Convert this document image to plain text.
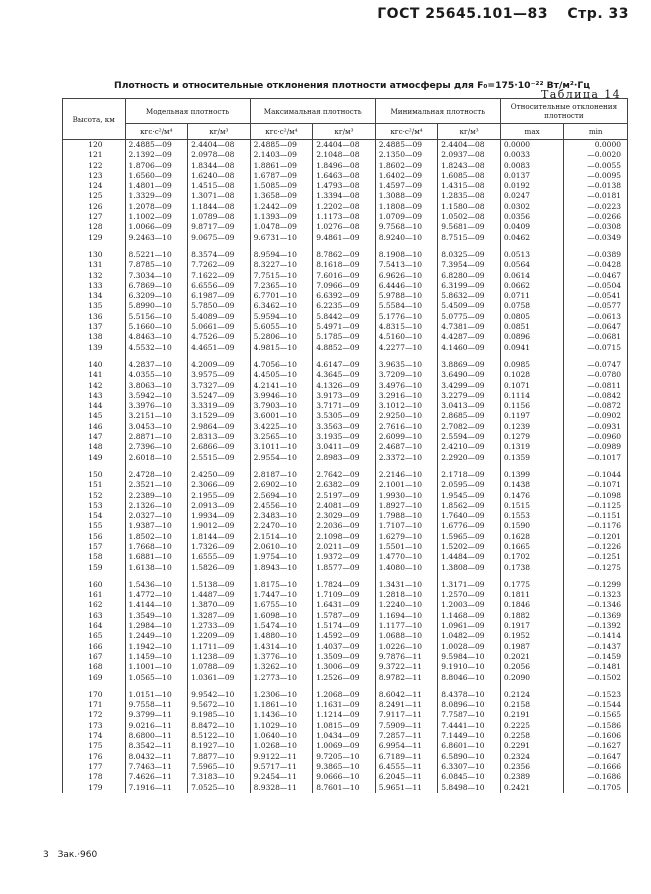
ГОСТ 25645.101—83 Стр. 33
Таблица 14
Плотность и относительные отклонения плотности атмосферы для F₀=175·10⁻²² Вт/м²·Гц
Высота, км	Модельная плотность		Максимальная плотность		Минимальная плотность		Относительные отклонения плотности	
	кгс·с²/м⁴	кг/м³	кгс·с²/м⁴	кг/м³	кгс·с²/м⁴	кг/м³	max	min
120	2.4885—09	2.4404—08	2.4885—09	2.4404—08	2.4885—09	2.4404—08	0.0000	0.0000
121	2.1392—09	2.0978—08	2.1403—09	2.1048—08	2.1350—09	2.0937—08	0.0033	—0.0020
122	1.8706—09	1.8344—08	1.8861—09	1.8496—08	1.8602—09	1.8243—08	0.0083	—0.0055
123	1.6560—09	1.6240—08	1.6787—09	1.6463—08	1.6402—09	1.6085—08	0.0137	—0.0095
124	1.4801—09	1.4515—08	1.5085—09	1.4793—08	1.4597—09	1.4315—08	0.0192	—0.0138
125	1.3329—09	1.3071—08	1.3658—09	1.3394—08	1.3088—09	1.2835—08	0.0247	—0.0181
126	1.2078—09	1.1844—08	1.2442—09	1.2202—08	1.1808—09	1.1580—08	0.0302	—0.0223
127	1.1002—09	1.0789—08	1.1393—09	1.1173—08	1.0709—09	1.0502—08	0.0356	—0.0266
128	1.0066—09	9.8717—09	1.0478—09	1.0276—08	9.7568—10	9.5681—09	0.0409	—0.0308
129	9.2463—10	9.0675—09	9.6731—10	9.4861—09	8.9240—10	8.7515—09	0.0462	—0.0349

130	8.5221—10	8.3574—09	8.9594—10	8.7862—09	8.1908—10	8.0325—09	0.0513	—0.0389
131	7.8785—10	7.7262—09	8.3227—10	8.1618—09	7.5413—10	7.3954—09	0.0564	—0.0428
132	7.3034—10	7.1622—09	7.7515—10	7.6016—09	6.9626—10	6.8280—09	0.0614	—0.0467
133	6.7869—10	6.6556—09	7.2365—10	7.0966—09	6.4446—10	6.3199—09	0.0662	—0.0504
134	6.3209—10	6.1987—09	6.7701—10	6.6392—09	5.9788—10	5.8632—09	0.0711	—0.0541
135	5.8990—10	5.7850—09	6.3462—10	6.2235—09	5.5584—10	5.4509—09	0.0758	—0.0577
136	5.5156—10	5.4089—09	5.9594—10	5.8442—09	5.1776—10	5.0775—09	0.0805	—0.0613
137	5.1660—10	5.0661—09	5.6055—10	5.4971—09	4.8315—10	4.7381—09	0.0851	—0.0647
138	4.8463—10	4.7526—09	5.2806—10	5.1785—09	4.5160—10	4.4287—09	0.0896	—0.0681
139	4.5532—10	4.4651—09	4.9815—10	4.8852—09	4.2277—10	4.1460—09	0.0941	—0.0715

140	4.2837—10	4.2009—09	4.7056—10	4.6147—09	3.9635—10	3.8869—09	0.0985	—0.0747
141	4.0355—10	3.9575—09	4.4505—10	4.3645—09	3.7209—10	3.6490—09	0.1028	—0.0780
142	3.8063—10	3.7327—09	4.2141—10	4.1326—09	3.4976—10	3.4299—09	0.1071	—0.0811
143	3.5942—10	3.5247—09	3.9946—10	3.9173—09	3.2916—10	3.2279—09	0.1114	—0.0842
144	3.3976—10	3.3319—09	3.7903—10	3.7171—09	3.1012—10	3.0413—09	0.1156	—0.0872
145	3.2151—10	3.1529—09	3.6001—10	3.5305—09	2.9250—10	2.8685—09	0.1197	—0.0902
146	3.0453—10	2.9864—09	3.4225—10	3.3563—09	2.7616—10	2.7082—09	0.1239	—0.0931
147	2.8871—10	2.8313—09	3.2565—10	3.1935—09	2.6099—10	2.5594—09	0.1279	—0.0960
148	2.7396—10	2.6866—09	3.1011—10	3.0411—09	2.4687—10	2.4210—09	0.1319	—0.0989
149	2.6018—10	2.5515—09	2.9554—10	2.8983—09	2.3372—10	2.2920—09	0.1359	—0.1017

150	2.4728—10	2.4250—09	2.8187—10	2.7642—09	2.2146—10	2.1718—09	0.1399	—0.1044
151	2.3521—10	2.3066—09	2.6902—10	2.6382—09	2.1001—10	2.0595—09	0.1438	—0.1071
152	2.2389—10	2.1955—09	2.5694—10	2.5197—09	1.9930—10	1.9545—09	0.1476	—0.1098
153	2.1326—10	2.0913—09	2.4556—10	2.4081—09	1.8927—10	1.8562—09	0.1515	—0.1125
154	2.0327—10	1.9934—09	2.3483—10	2.3029—09	1.7988—10	1.7640—09	0.1553	—0.1151
155	1.9387—10	1.9012—09	2.2470—10	2.2036—09	1.7107—10	1.6776—09	0.1590	—0.1176
156	1.8502—10	1.8144—09	2.1514—10	2.1098—09	1.6279—10	1.5965—09	0.1628	—0.1201
157	1.7668—10	1.7326—09	2.0610—10	2.0211—09	1.5501—10	1.5202—09	0.1665	—0.1226
158	1.6881—10	1.6555—09	1.9754—10	1.9372—09	1.4770—10	1.4484—09	0.1702	—0.1251
159	1.6138—10	1.5826—09	1.8943—10	1.8577—09	1.4080—10	1.3808—09	0.1738	—0.1275

160	1.5436—10	1.5138—09	1.8175—10	1.7824—09	1.3431—10	1.3171—09	0.1775	—0.1299
161	1.4772—10	1.4487—09	1.7447—10	1.7109—09	1.2818—10	1.2570—09	0.1811	—0.1323
162	1.4144—10	1.3870—09	1.6755—10	1.6431—09	1.2240—10	1.2003—09	0.1846	—0.1346
163	1.3549—10	1.3287—09	1.6098—10	1.5787—09	1.1694—10	1.1468—09	0.1882	—0.1369
164	1.2984—10	1.2733—09	1.5474—10	1.5174—09	1.1177—10	1.0961—09	0.1917	—0.1392
165	1.2449—10	1.2209—09	1.4880—10	1.4592—09	1.0688—10	1.0482—09	0.1952	—0.1414
166	1.1942—10	1.1711—09	1.4314—10	1.4037—09	1.0226—10	1.0028—09	0.1987	—0.1437
167	1.1459—10	1.1238—09	1.3776—10	1.3509—09	9.7876—11	9.5984—10	0.2021	—0.1459
168	1.1001—10	1.0788—09	1.3262—10	1.3006—09	9.3722—11	9.1910—10	0.2056	—0.1481
169	1.0565—10	1.0361—09	1.2773—10	1.2526—09	8.9782—11	8.8046—10	0.2090	—0.1502

170	1.0151—10	9.9542—10	1.2306—10	1.2068—09	8.6042—11	8.4378—10	0.2124	—0.1523
171	9.7558—11	9.5672—10	1.1861—10	1.1631—09	8.2491—11	8.0896—10	0.2158	—0.1544
172	9.3799—11	9.1985—10	1.1436—10	1.1214—09	7.9117—11	7.7587—10	0.2191	—0.1565
173	9.0216—11	8.8472—10	1.1029—10	1.0815—09	7.5909—11	7.4441—10	0.2225	—0.1586
174	8.6800—11	8.5122—10	1.0640—10	1.0434—09	7.2857—11	7.1449—10	0.2258	—0.1606
175	8.3542—11	8.1927—10	1.0268—10	1.0069—09	6.9954—11	6.8601—10	0.2291	—0.1627
176	8.0432—11	7.8877—10	9.9122—11	9.7205—10	6.7189—11	6.5890—10	0.2324	—0.1647
177	7.7463—11	7.5965—10	9.5717—11	9.3865—10	6.4555—11	6.3307—10	0.2356	—0.1666
178	7.4626—11	7.3183—10	9.2454—11	9.0666—10	6.2045—11	6.0845—10	0.2389	—0.1686
179	7.1916—11	7.0525—10	8.9328—11	8.7601—10	5.9651—11	5.8498—10	0.2421	—0.1705
3 Зак.·960
